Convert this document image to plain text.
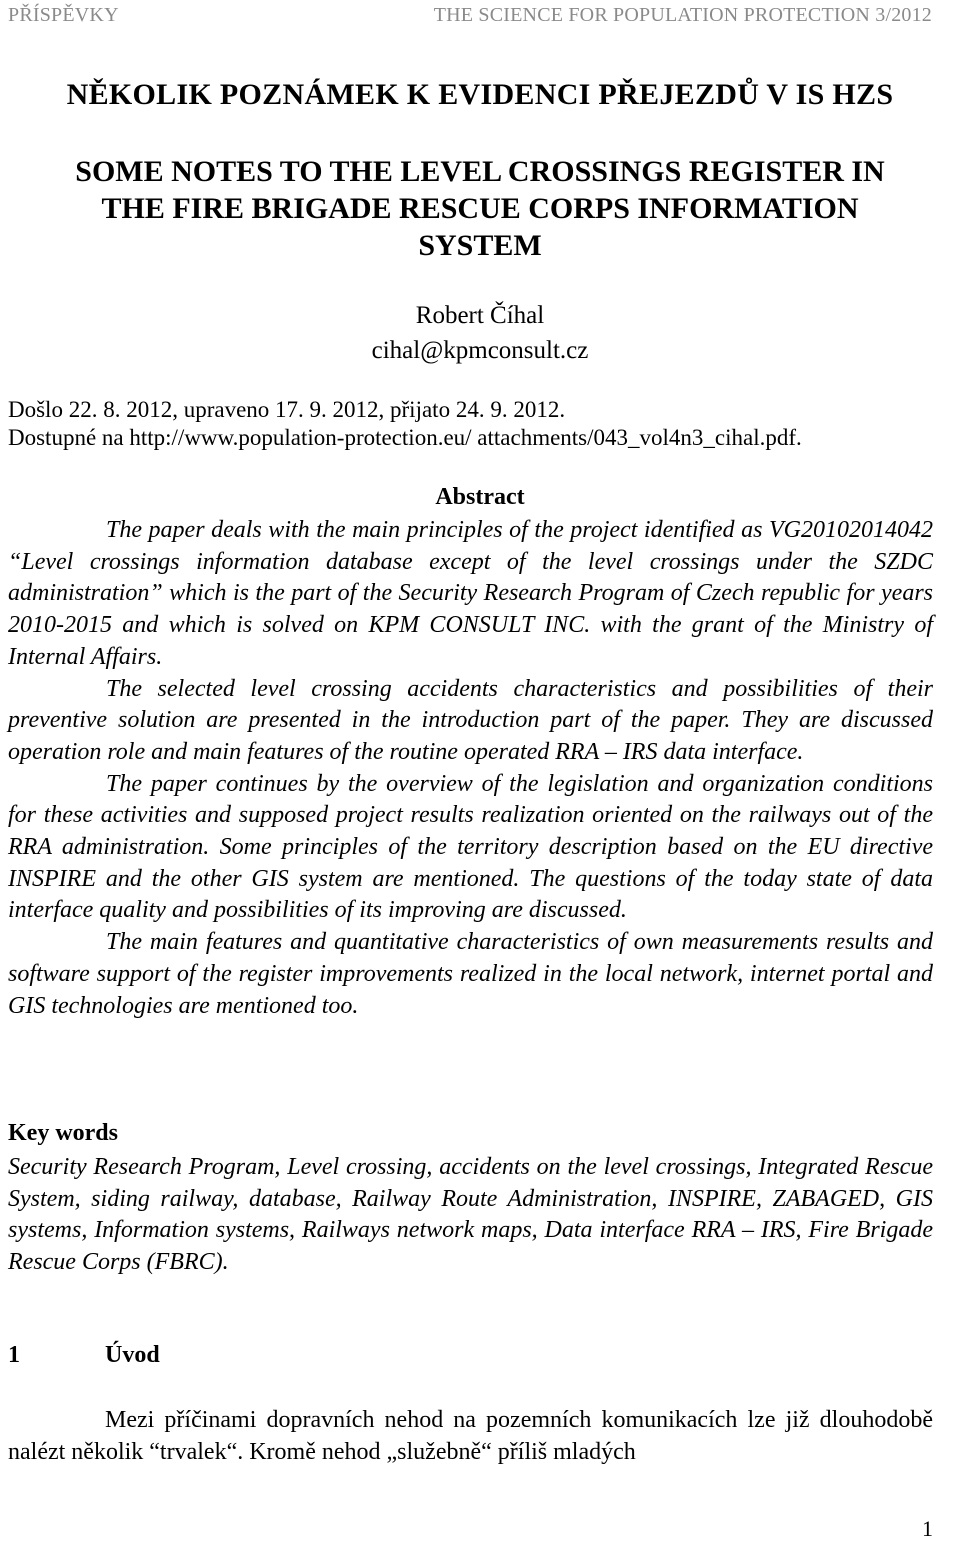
PŘÍSPĚVKY	THE SCIENCE FOR POPULATION PROTECTION 3/2012
NĚKOLIK POZNÁMEK K EVIDENCI PŘEJEZDŮ V IS HZS
SOME NOTES TO THE LEVEL CROSSINGS REGISTER IN
THE FIRE BRIGADE RESCUE CORPS INFORMATION
SYSTEM
Robert Číhal
cihal@kpmconsult.cz
Došlo 22. 8. 2012, upraveno 17. 9. 2012, přijato 24. 9. 2012.
Dostupné na http://www.population-protection.eu/ attachments/043_vol4n3_cihal.pdf.
Abstract

The paper deals with the main principles of the project identified as VG20102014042 “Level crossings information database except of the level crossings under the SZDC administration” which is the part of the Security Research Program of Czech republic for years 2010-2015 and which is solved on KPM CONSULT INC. with the grant of the Ministry of Internal Affairs.

The selected level crossing accidents characteristics and possibilities of their preventive solution are presented in the introduction part of the paper. They are discussed operation role and main features of the routine operated RRA – IRS data interface.

The paper continues by the overview of the legislation and organization conditions for these activities and supposed project results realization oriented on the railways out of the RRA administration. Some principles of the territory description based on the EU directive INSPIRE and the other GIS system are mentioned. The questions of the today state of data interface quality and possibilities of its improving are discussed.

The main features and quantitative characteristics of own measurements results and software support of the register improvements realized in the local network, internet portal and GIS technologies are mentioned too.

Key words
Security Research Program, Level crossing, accidents on the level crossings, Integrated Rescue System, siding railway, database, Railway Route Administration, INSPIRE, ZABAGED, GIS systems, Information systems, Railways network maps, Data interface RRA – IRS, Fire Brigade Rescue Corps (FBRC).
1	Úvod

Mezi příčinami dopravních nehod na pozemních komunikacích lze již dlouhodobě nalézt několik “trvalek“. Kromě nehod „služebně“ příliš mladých

1
